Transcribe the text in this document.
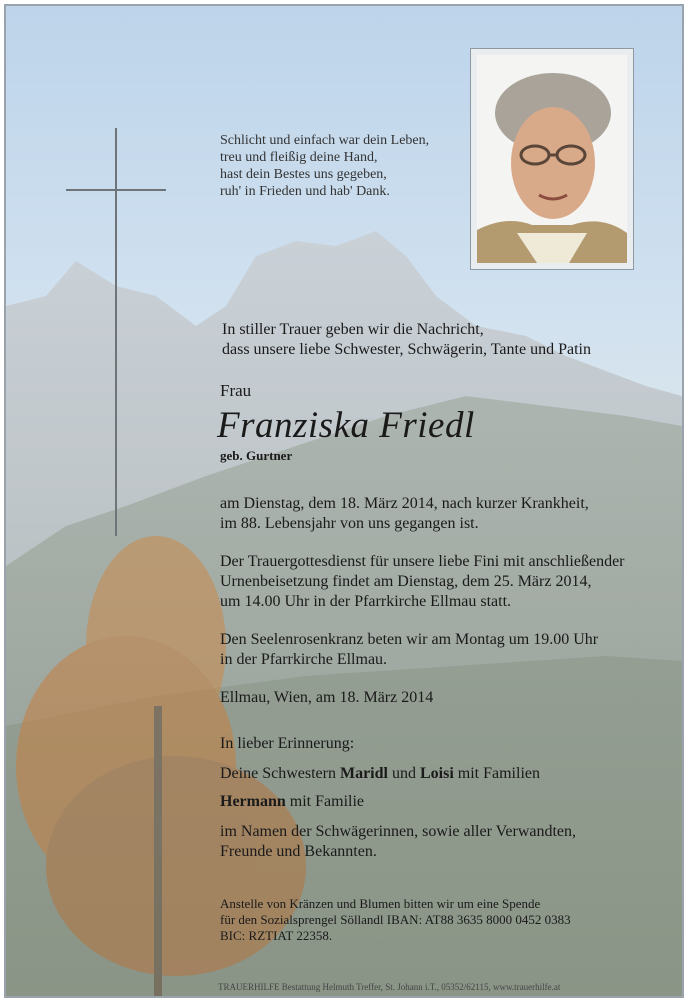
Schlicht und einfach war dein Leben,
treu und fleißig deine Hand,
hast dein Bestes uns gegeben,
ruh' in Frieden und hab' Dank.
In stiller Trauer geben wir die Nachricht,
dass unsere liebe Schwester, Schwägerin, Tante und Patin
Frau
Franziska Friedl
geb. Gurtner
am Dienstag, dem 18. März 2014, nach kurzer Krankheit,
im 88. Lebensjahr von uns gegangen ist.
Der Trauergottesdienst für unsere liebe Fini mit anschließender
Urnenbeisetzung findet am Dienstag, dem 25. März 2014,
um 14.00 Uhr in der Pfarrkirche Ellmau statt.
Den Seelenrosenkranz beten wir am Montag um 19.00 Uhr
in der Pfarrkirche Ellmau.
Ellmau, Wien, am 18. März 2014
In lieber Erinnerung:
Deine Schwestern Maridl und Loisi mit Familien
Hermann mit Familie
im Namen der Schwägerinnen, sowie aller Verwandten,
Freunde und Bekannten.
Anstelle von Kränzen und Blumen bitten wir um eine Spende
für den Sozialsprengel Söllandl IBAN: AT88 3635 8000 0452 0383
BIC: RZTIAT 22358.
TRAUERHILFE Bestattung Helmuth Treffer, St. Johann i.T., 05352/62115, www.trauerhilfe.at
